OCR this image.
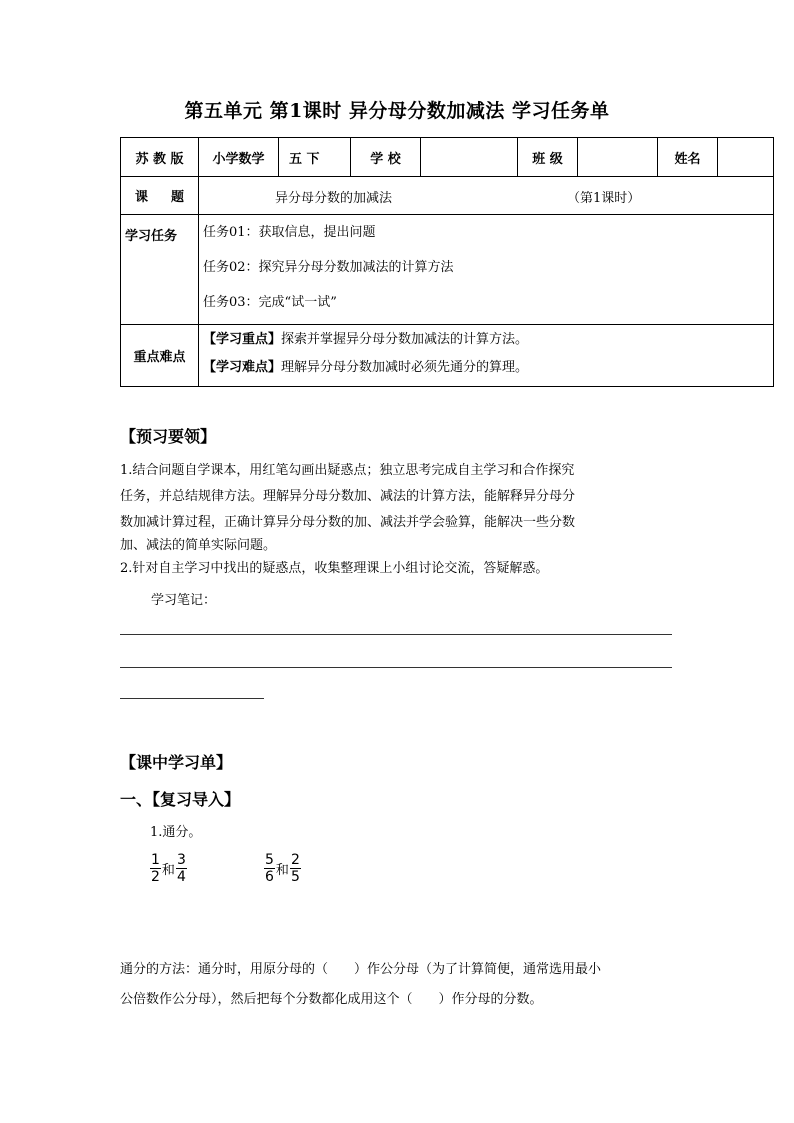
第五单元 第1课时 异分母分数加减法 学习任务单
苏 教 版	小学数学	五 下	学 校		班 级		姓名	
课 题	异分母分数的加减法 （第1课时）							

学习任务	任务01：获取信息，提出问题
任务02：探究异分母分数加减法的计算方法
任务03：完成“试一试”							

重点难点	【学习重点】探索并掌握异分母分数加减法的计算方法。
【学习难点】理解异分母分数加减时必须先通分的算理。							
【预习要领】
1.结合问题自学课本，用红笔勾画出疑惑点；独立思考完成自主学习和合作探究
任务，并总结规律方法。理解异分母分数加、减法的计算方法，能解释异分母分
数加减计算过程，正确计算异分母分数的加、减法并学会验算，能解决一些分数
加、减法的简单实际问题。
2.针对自主学习中找出的疑惑点，收集整理课上小组讨论交流，答疑解惑。
学习笔记：
【课中学习单】
一、【复习导入】
1.通分。
$\frac{1}{2}$ 和 $\frac{3}{4}$	$\frac{5}{6}$ 和 $\frac{2}{5}$
通分的方法：通分时，用原分母的（　　）作公分母（为了计算简便，通常选用最小
公倍数作公分母），然后把每个分数都化成用这个（　　）作分母的分数。
